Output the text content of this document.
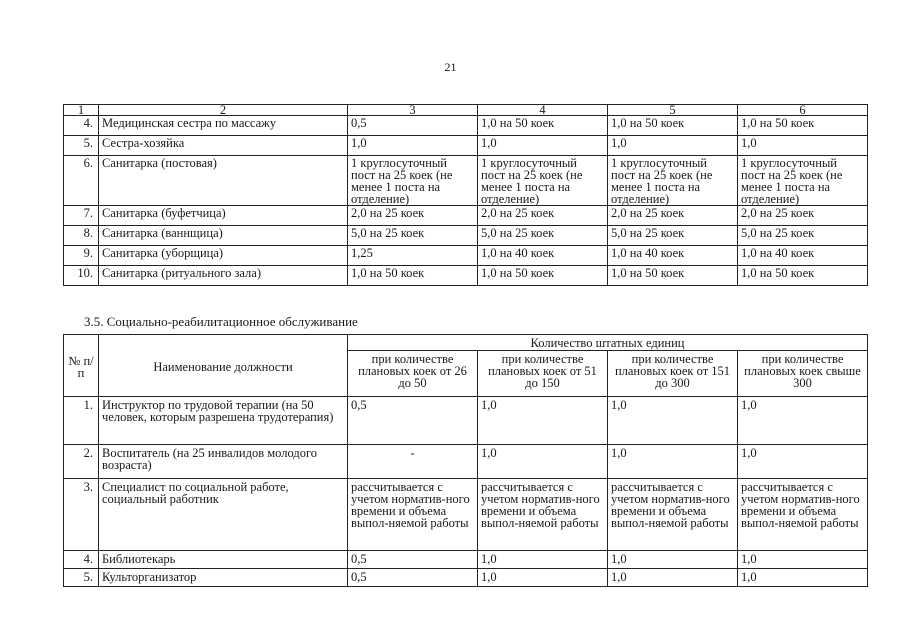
21
1	2	3	4	5	6
4.	Медицинская сестра по массажу	0,5	1,0 на 50 коек	1,0 на 50 коек	1,0 на 50 коек
5.	Сестра-хозяйка	1,0	1,0	1,0	1,0
6.	Санитарка (постовая)	1 круглосуточный пост на 25 коек (не менее 1 поста на отделение)	1 круглосуточный пост на 25 коек (не менее 1 поста на отделение)	1 круглосуточный пост на 25 коек (не менее 1 поста на отделение)	1 круглосуточный пост на 25 коек (не менее 1 поста на отделение)
7.	Санитарка (буфетчица)	2,0 на 25 коек	2,0 на 25 коек	2,0 на 25 коек	2,0 на 25 коек
8.	Санитарка (ваннщица)	5,0 на 25 коек	5,0 на 25 коек	5,0 на 25 коек	5,0 на 25 коек
9.	Санитарка (уборщица)	1,25	1,0 на 40 коек	1,0 на 40 коек	1,0 на 40 коек
10.	Санитарка (ритуального зала)	1,0 на 50 коек	1,0 на 50 коек	1,0 на 50 коек	1,0 на 50 коек
3.5. Социально-реабилитационное обслуживание
№ п/п	Наименование должности	Количество штатных единиц			
		при количестве плановых коек от 26 до 50	при количестве плановых коек от 51 до 150	при количестве плановых коек от 151 до 300	при количестве плановых коек свыше 300
1.	Инструктор по трудовой терапии (на 50 человек, которым разрешена трудотерапия)	0,5	1,0	1,0	1,0
2.	Воспитатель (на 25 инвалидов молодого возраста)	-	1,0	1,0	1,0
3.	Специалист по социальной работе, социальный работник	рассчитывается с учетом норматив-ного времени и объема выпол-няемой работы	рассчитывается с учетом норматив-ного времени и объема выпол-няемой работы	рассчитывается с учетом норматив-ного времени и объема выпол-няемой работы	рассчитывается с учетом норматив-ного времени и объема выпол-няемой работы
4.	Библиотекарь	0,5	1,0	1,0	1,0
5.	Культорганизатор	0,5	1,0	1,0	1,0
